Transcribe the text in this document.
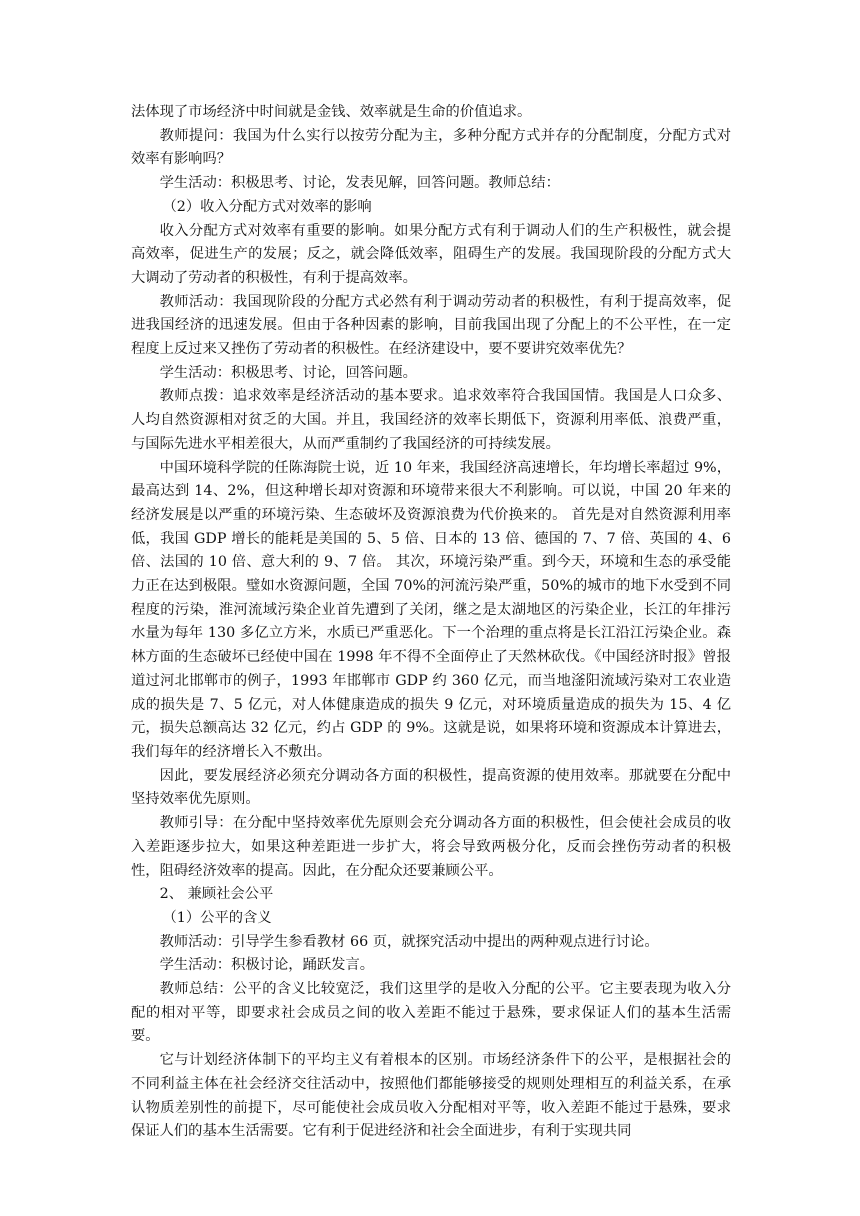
法体现了市场经济中时间就是金钱、效率就是生命的价值追求。

教师提问：我国为什么实行以按劳分配为主，多种分配方式并存的分配制度，分配方式对效率有影响吗？

学生活动：积极思考、讨论，发表见解，回答问题。教师总结：

（2）收入分配方式对效率的影响

收入分配方式对效率有重要的影响。如果分配方式有利于调动人们的生产积极性，就会提高效率，促进生产的发展；反之，就会降低效率，阻碍生产的发展。我国现阶段的分配方式大大调动了劳动者的积极性，有利于提高效率。

教师活动：我国现阶段的分配方式必然有利于调动劳动者的积极性，有利于提高效率，促进我国经济的迅速发展。但由于各种因素的影响，目前我国出现了分配上的不公平性，在一定程度上反过来又挫伤了劳动者的积极性。在经济建设中，要不要讲究效率优先？

学生活动：积极思考、讨论，回答问题。

教师点拨：追求效率是经济活动的基本要求。追求效率符合我国国情。我国是人口众多、人均自然资源相对贫乏的大国。并且，我国经济的效率长期低下，资源利用率低、浪费严重，与国际先进水平相差很大，从而严重制约了我国经济的可持续发展。

中国环境科学院的任陈海院士说，近 10 年来，我国经济高速增长，年均增长率超过 9%，最高达到 14、2%，但这种增长却对资源和环境带来很大不利影响。可以说，中国 20 年来的经济发展是以严重的环境污染、生态破坏及资源浪费为代价换来的。 首先是对自然资源利用率低，我国 GDP 增长的能耗是美国的 5、5 倍、日本的 13 倍、德国的 7、7 倍、英国的 4、6 倍、法国的 10 倍、意大利的 9、7 倍。 其次，环境污染严重。到今天，环境和生态的承受能力正在达到极限。璧如水资源问题，全国 70%的河流污染严重，50%的城市的地下水受到不同程度的污染，淮河流域污染企业首先遭到了关闭，继之是太湖地区的污染企业，长江的年排污水量为每年 130 多亿立方米，水质已严重恶化。下一个治理的重点将是长江沿江污染企业。森林方面的生态破坏已经使中国在 1998 年不得不全面停止了天然林砍伐。《中国经济时报》曾报道过河北邯郸市的例子，1993 年邯郸市 GDP 约 360 亿元，而当地滏阳流域污染对工农业造成的损失是 7、5 亿元，对人体健康造成的损失 9 亿元，对环境质量造成的损失为 15、4 亿元，损失总额高达 32 亿元，约占 GDP 的 9%。这就是说，如果将环境和资源成本计算进去，我们每年的经济增长入不敷出。

因此，要发展经济必须充分调动各方面的积极性，提高资源的使用效率。那就要在分配中坚持效率优先原则。

教师引导：在分配中坚持效率优先原则会充分调动各方面的积极性，但会使社会成员的收入差距逐步拉大，如果这种差距进一步扩大，将会导致两极分化，反而会挫伤劳动者的积极性，阻碍经济效率的提高。因此，在分配众还要兼顾公平。

2、 兼顾社会公平

（1）公平的含义

教师活动：引导学生参看教材 66 页，就探究活动中提出的两种观点进行讨论。

学生活动：积极讨论，踊跃发言。

教师总结：公平的含义比较宽泛，我们这里学的是收入分配的公平。它主要表现为收入分配的相对平等，即要求社会成员之间的收入差距不能过于悬殊，要求保证人们的基本生活需要。

它与计划经济体制下的平均主义有着根本的区别。市场经济条件下的公平，是根据社会的不同利益主体在社会经济交往活动中，按照他们都能够接受的规则处理相互的利益关系，在承认物质差别性的前提下，尽可能使社会成员收入分配相对平等，收入差距不能过于悬殊，要求保证人们的基本生活需要。它有利于促进经济和社会全面进步，有利于实现共同
